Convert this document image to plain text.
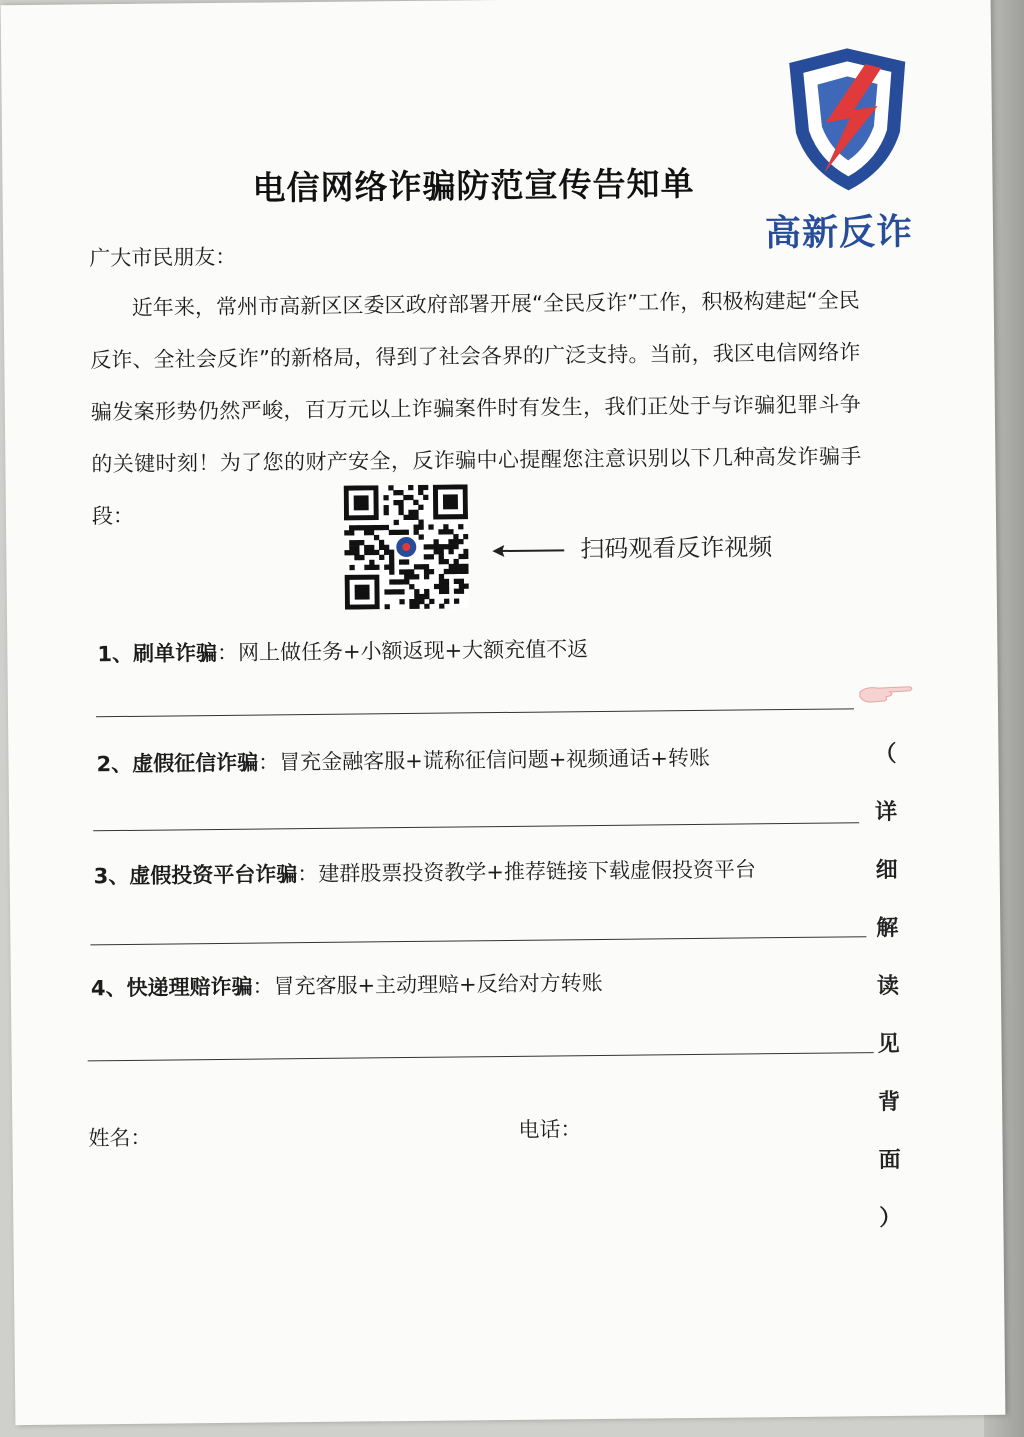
高新反诈
电信网络诈骗防范宣传告知单
广大市民朋友：
近年来，常州市高新区区委区政府部署开展“全民反诈”工作，积极构建起“全民反诈、全社会反诈”的新格局，得到了社会各界的广泛支持。当前，我区电信网络诈骗发案形势仍然严峻，百万元以上诈骗案件时有发生，我们正处于与诈骗犯罪斗争的关键时刻！为了您的财产安全，反诈骗中心提醒您注意识别以下几种高发诈骗手段：
扫码观看反诈视频
1、刷单诈骗：网上做任务+小额返现+大额充值不返
2、虚假征信诈骗：冒充金融客服+谎称征信问题+视频通话+转账
3、虚假投资平台诈骗：建群股票投资教学+推荐链接下载虚假投资平台
4、快递理赔诈骗：冒充客服+主动理赔+反给对方转账
（
详
细
解
读
见
背
面
）
姓名：	电话：
